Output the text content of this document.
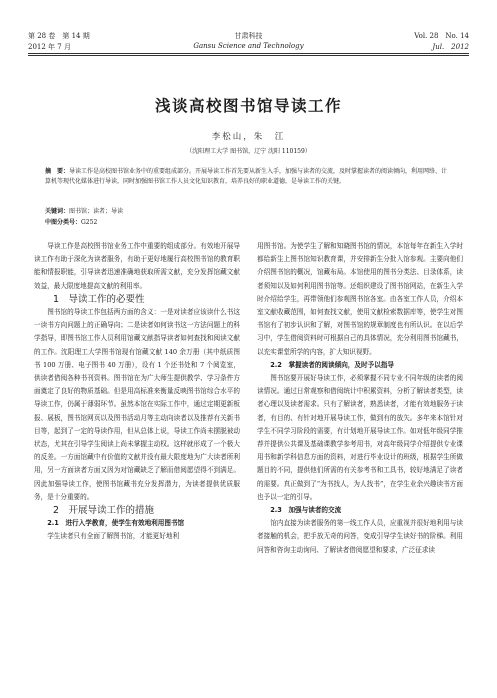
第 28 卷　第 14 期	甘肃科技	Vol. 28　No. 14
2012 年 7 月	Gansu Science and Technology	Jul.　2012
浅谈高校图书馆导读工作
李松山，朱　江
（沈阳理工大学 图书馆，辽宁 沈阳 110159）
摘　要：导读工作是高校图书馆业务中的重要组成部分。开展导读工作首先要从新生入手，加强与读者的交流，及时掌握读者的阅读倾向，利用网络、计算机等现代化媒体进行导读，同时加强图书馆工作人员文化知识教育，培养良好的职业道德，是导读工作的关键。
关键词：图书馆；读者；导读
中图分类号：G252

导读工作是高校图书馆业务工作中重要的组成部分。有效地开展导读工作有助于深化为读者服务，有助于更好地履行高校图书馆的教育职能和情报职能，引导读者迅速准确地获取所需文献，充分发挥馆藏文献效益，最大限度地提高文献的利用率。

1　导读工作的必要性

图书馆的导读工作包括两方面的含义：一是对读者应该读什么书这一读书方向问题上的正确导向；二是读者如何读书这一方法问题上的科学指导，即图书馆工作人员利用馆藏文献指导读者如何查找和阅读文献的工作。沈阳理工大学图书馆现有馆藏文献 140 余万册（其中纸质图书 100 万册、电子图书 40 万册），设有 1 个还书处和 7 个阅览室，供读者借阅各种书刊资料。图书馆在为广大师生提供教学、学习条件方面奠定了良好的物质基础。但是用高标准来衡量反映图书馆综合水平的导读工作，仍属于薄弱环节。虽然本馆在实际工作中，通过定期更新板报、展板，图书馆网页以及图书活动月等主动向读者以及推荐有关新书目等，起到了一定的导读作用，但从总体上说，导读工作尚未摆脱被动状态，尤其在引导学生阅读上尚未掌握主动权。这样就形成了一个极大的反差。一方面馆藏中有价值的文献并没有最大限度地为广大读者所利用，另一方面读者方面又因为对馆藏缺乏了解而借阅愿望得不到满足。因此加强导读工作，使图书馆藏书充分发挥潜力，为读者提供优质服务，是十分重要的。

2　开展导读工作的措施

2.1　进行入学教育，使学生有效地利用图书馆

学生读者只有全面了解图书馆，才能更好地利

用图书馆。为使学生了解和知晓图书馆的情况，本馆每年在新生入学时都给新生上图书馆知识教育课，并安排新生分批入馆参观。主要向他们介绍图书馆的概况，馆藏布局。本馆使用的图书分类法、目录体系，读者须知以及如何利用图书馆等。还组织建设了图书馆网站，在新生入学时介绍给学生，再带领他们参观图书馆各室。由各室工作人员，介绍本室文献收藏范围，如何查找文献，使用文献检索数据库等，使学生对图书馆有了初步认识和了解，对图书馆的规章制度也有所认识。在以后学习中，学生借阅资料时可根据自己的具体情况，充分利用图书馆藏书，以充实课堂所学的内容，扩大知识视野。

2.2　掌握读者的阅读倾向，及时予以指导

图书馆要开展好导读工作，必须掌握不同专业不同年级的读者的阅读情况。通过日常观察和借阅统计中积累资料，分析了解读者类型，读者心理以及读者需求。只有了解读者，熟悉读者，才能有效地服务于读者，有目的、有针对地开展导读工作，做到有的放矢。多年来本馆针对学生不同学习阶段的需要，有计划地开展导读工作。如对低年级同学推荐并提供公共课及基础课教学参考用书，对高年级同学介绍提供专业课用书和新学科信息方面的资料，对进行毕业设计的班级，根据学生所做题目的不同，提供他们所需的有关参考书和工具书，较好地满足了读者的需要。真正做到了“为书找人，为人找书”，在学生业余兴趣读书方面也予以一定的引导。

2.3　加强与读者的交流

馆内直接为读者服务的第一线工作人员，应重视并很好地利用与读者接触的机会，把手放无奇的问答，变成引导学生读好书的阶梯。利用问答和咨询主动询问、了解读者借阅愿望和要求，广泛征求读
